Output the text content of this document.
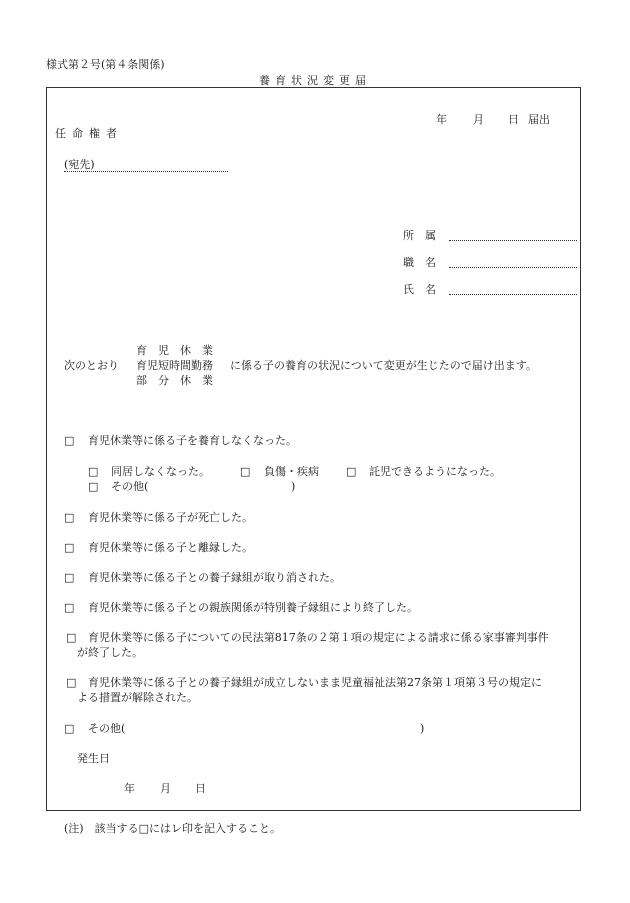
様式第２号(第４条関係)
養育状況変更届
年 月 日 届出
任命権者
(宛先)
所　属
職　名
氏　名
育　児　休　業
次のとおり 育児短時間勤務 に係る子の養育の状況について変更が生じたので届け出ます。
部　分　休　業
□ 育児休業等に係る子を養育しなくなった。
□ 同居しなくなった。	□ 負傷・疾病 □ 託児できるようになった。
□ その他(	)
□ 育児休業等に係る子が死亡した。
□ 育児休業等に係る子と離縁した。
□ 育児休業等に係る子との養子縁組が取り消された。
□ 育児休業等に係る子との親族関係が特別養子縁組により終了した。
□ 育児休業等に係る子についての民法第817条の２第１項の規定による請求に係る家事審判事件
が終了した。
□ 育児休業等に係る子との養子縁組が成立しないまま児童福祉法第27条第１項第３号の規定に
よる措置が解除された。
□ その他(	)
発生日
年 月 日
(注)　該当する□にはレ印を記入すること。
